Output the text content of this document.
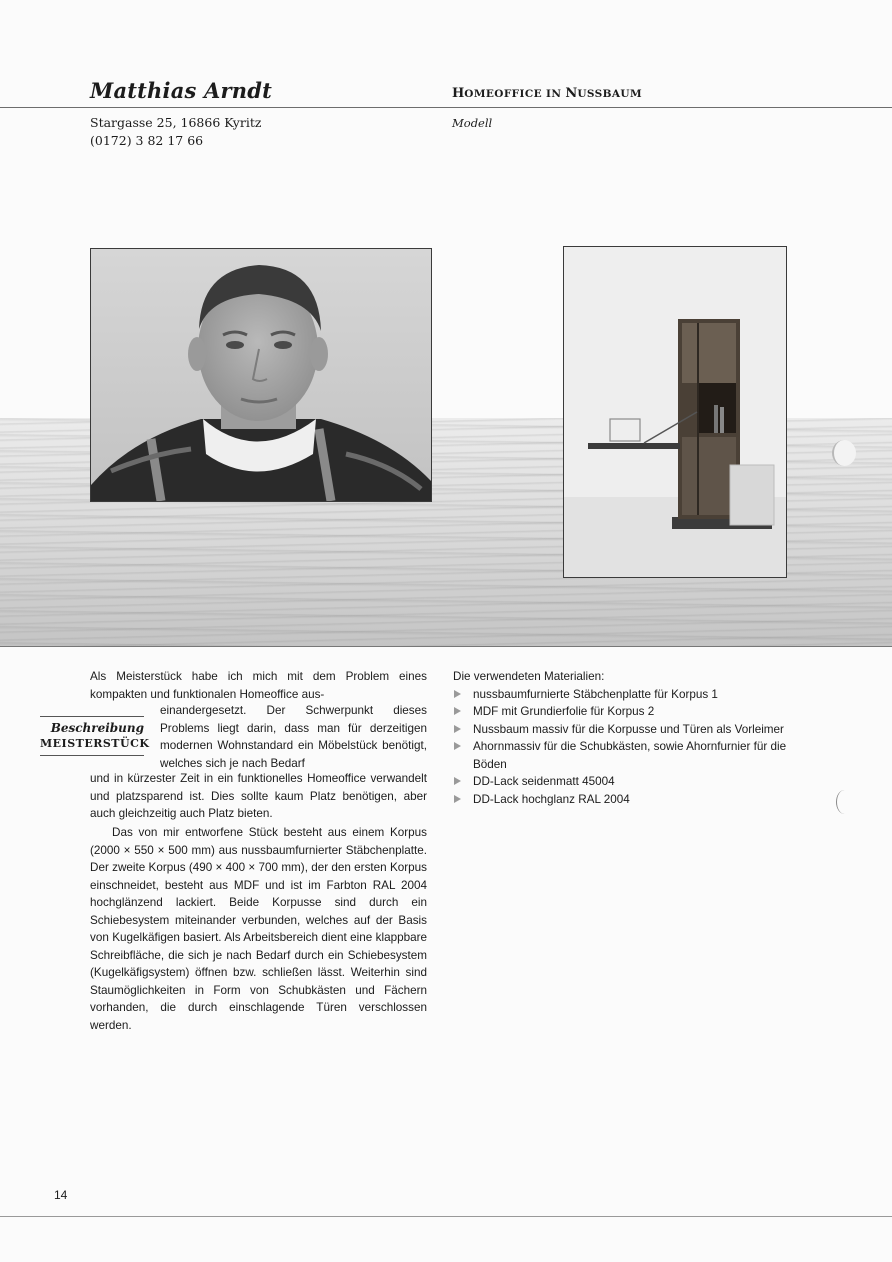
Matthias Arndt
Stargasse 25, 16866 Kyritz
(0172) 3 82 17 66
HOMEOFFICE IN NUSSBAUM
Modell
Beschreibung
MEISTERSTÜCK
Als Meisterstück habe ich mich mit dem Problem eines kompakten und funktionalen Homeoffice aus-
einandergesetzt. Der Schwerpunkt dieses Problems liegt darin, dass man für derzeitigen modernen Wohnstandard ein Möbelstück benötigt, welches sich je nach Bedarf
und in kürzester Zeit in ein funktionelles Homeoffice verwandelt und platzsparend ist. Dies sollte kaum Platz benötigen, aber auch gleichzeitig auch Platz bieten.
Das von mir entworfene Stück besteht aus einem Korpus (2000 × 550 × 500 mm) aus nussbaumfurnierter Stäbchenplatte. Der zweite Korpus (490 × 400 × 700 mm), der den ersten Korpus einschneidet, besteht aus MDF und ist im Farbton RAL 2004 hochglänzend lackiert. Beide Korpusse sind durch ein Schiebesystem miteinander verbunden, welches auf der Basis von Kugelkäfigen basiert. Als Arbeitsbereich dient eine klappbare Schreibfläche, die sich je nach Bedarf durch ein Schiebesystem (Kugelkäfigsystem) öffnen bzw. schließen lässt. Weiterhin sind Staumöglichkeiten in Form von Schubkästen und Fächern vorhanden, die durch einschlagende Türen verschlossen werden.
Die verwendeten Materialien:
nussbaumfurnierte Stäbchenplatte für Korpus 1
MDF mit Grundierfolie für Korpus 2
Nussbaum massiv für die Korpusse und Türen als Vorleimer
Ahornmassiv für die Schubkästen, sowie Ahornfurnier für die Böden
DD-Lack seidenmatt 45004
DD-Lack hochglanz RAL 2004
14
